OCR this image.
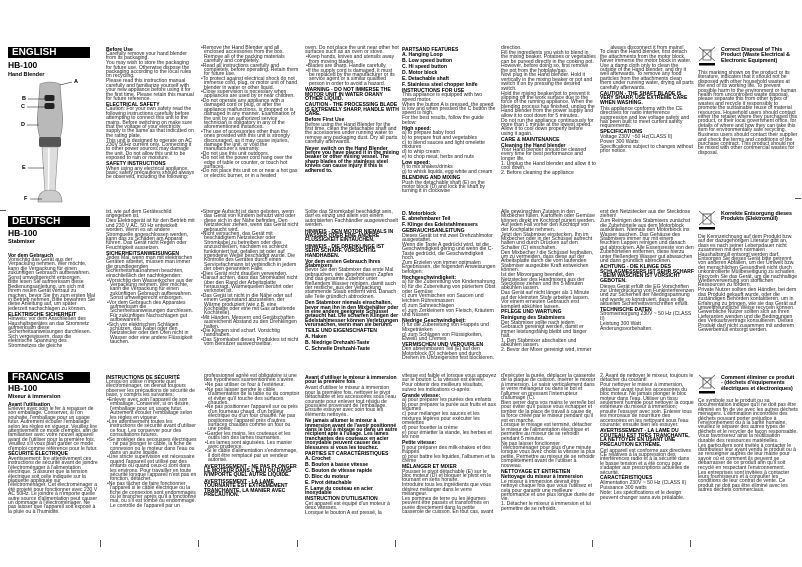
ENGLISH
HB-100
Hand Blender
A
B
C
D
E
F
Before Use
Carefully remove your hand blender from its packaging.
You may wish to store the packaging for future use. Otherwise dispose the packaging according to the local rules on recycling.
Please read this instruction manual carefully and familiarize yourself with your new appliance before using it for the first time. Please retain this manual for future reference.
ELECTRICAL SAFETY
Caution: For your own safety read the following instructions carefully before attempting to connect this unit to the mains. Before switching on make sure that the voltage of your electricity supply is the same as that indicated on the rating plate.
This unit is designed to operate on AC 230V 50Hz current only. Connecting it to other power sources may damage the unit. Do not allow this unit to be exposed to rain or moisture.
SAFETY INSTRUCTIONS
When using any electrical appliance, basic safety precautions should always be observed, including the following:
• Remove the Hand Blender and all enclosed accessories from the box. Remove all of the packing materials carefully and completely.
• Read all instructions carefully and completely, before operating. Retain them for future use.
• To protect against electrical shock do not immerse cord, plug, or motor unit of hand blender in water or other liquid.
• Close supervision is necessary when appliances are used by or near children.
• Do not operate any appliance with a damaged cord or plug, or after the appliance malfunctions, is dropped or is damaged in any manner. Examination of the unit by an authorized service technician is obligatory in any of the aforementioned instances.
• The use of accessories other than the ones provided with this unit is strongly discouraged, as it may cause injuries, damage the unit, or void the manufacturer's warranty.
• Do not use this unit outdoors.
• Do not let the power cord hang over the edge of table or counter, or touch hot surfaces.
• Do not place this unit on or near a hot gas or electric burner, or in a heated
oven. Do not place the unit near other hot surfaces such as an oven or stove.
• Keep hands, knives and utensils away from moving blades.
• Blades are sharp. Handle carefully.
• If the supply cord is damaged, it must be replaced by the manufacturer or its service agent or a similar qualified person in order to avoid a hazard.
WARNING - DO NOT IMMERSE THE MOTOR UNIT IN WATER ORANY OTHER LIQUID.
CAUTION - THE PROCESSING BLADE IS EXTREMELY SHARP, HANDLE WITH CARE.
Before First Use
Before using the Hand Blender for the first time, clean the detachable shaft and the accessories under running water to remove any packaging dust. Dry all parts carefully afterwards.
Never switch on the Hand Blender before you have placed it in the mixing beaker or other mixing vessel. The sharp blades of the stainless steel knives can cause injury if this is adhered to.
PARTSAND FEATURES
A. Hanging Loop
B. Low speed button
C. Hi speed button
D. Motor block
E. Detachable shaft
F. Stainless steel chopper knife
INSTRUCTIONS FOR USE
This appliance is equipped with two speed motor.
When the button A is pressed, the speed is low and when pressed the C button the speed is high.
For the best results, follow the guide below:
High speed:
a) to prepare baby food
b) to prepare fruit and vegetables
c) to blend sauces and light omelette mixtures
d) to whip cream
e) to chop meat, herbs and nuts
Low speed:
f) to mix shakes/drinks
g) to whisk liquids, egg white and cream
BLENDING AND MIXING
Push the detachable shaft (E) on the motor block (D) and lock the shaft by turning it in clockwise
direction.
Fill the ingredients you wish to blend in the mixing beaker. Potatoes or vegetables can be pureed directly in the cooking pot. However, before doing so, first remove the pot from the hotplate/gas.
Now plug in the Hand blender. Hold it vertically in the mixing beaker or pot and switch it on by pressing the desired switch.
Hold the mixing beaker/pot to prevent it slipping off the work surface due to the force of the running appliance. When the blending process has finished, unplug the Hand blender from the power supply and allow it to cool down for 5 minutes.
Do not run the appliance continuously for more than 1 minute at the lowest speed. Allow it to cool down properly before using it again.
CARE & MAINTENANCE
Cleaning the Hand blender
Your Hand blender should be cleaned every time for best performance and longer life.
1. Unplug the Hand blender and allow it to cool down.
2. Before cleaning the appliance
always disconnect it from mains!
To clean the Hand blender, first detach the attachments from the motor block. Never immerse the motor block in water. Use a damp cloth only to clean the outside of the Hand blender, and dry it well afterwards. To remove any food particles from the attachments clean them under running water, drying all parts carefully afterwards.
CAUTION - THE SHAFT BLADE IS VERY SHARP, USE EXTREME CARE WHEN WASHING.
This appliance conforms with the CE directives for radio interference suppression and low voltage safety and has been built to meet current safety requirements.
SPECIFICATIONS
Voltage 230V ~50 Hz(CLASS II)
Power 300 Watts
Specifications subject to changes without prior notice.
Correct Disposal of This Product (Waste Electrical & Electronic Equipment)
This marking shown on the product or its literature, indicates that it should not be disposed with other household wastes at the end of its working life. To prevent possible harm to the environment or human health from uncontrolled waste disposal, please separate this from other types of wastes and recycle it responsibly to promote the sustainable reuse of material resources. Household users should contact either the retailer where they purchased this product, or their local government office, for details of where and how they can take this item for environmentally safe recycling.
Business users should contact their supplier and check the terms and conditions of the purchase contract. This product should not be mixed with other commercial wastes for disposal.
DEUTSCH
HB-100
Stabmixer
Vor dem Gebrauch
Vorsichtig das Gerät aus der Verpackung nehmen. Wer möchte, kann die Verpackung für einen zukünftigen Gebrauch aufbewahren. Sonst umweltgerecht entsorgen.
Bitte lesen Sie aufmerksam diese Bedienungsanleitung, um sich mit Ihrem neuen Gerät vertraut zu machen, bevor Sie ihn zum ersten Mal in Betrieb nehmen. Bitte bewahren Sie diese Anleitung auf, um später jederzeit nachschlagen zu können.
ELEKTRISCHE SICHERHEIT
Hinweis: vor dem Anschließen des Haushaltsgerätes an das Stromnetz aufmerksam diese Sicherheitsanweisungen durchlesen. Sich vergewissern, dass die elektrische Spannung des Stromnetzes die gleiche
ist, wie auf dem Geräteschild angegeben ist.
Dies Elektrogerät ist für den Betrieb mit und 230 V AC, 50 Hz entwickelt worden. Wenn es an andere Stromquelle angeschlossen werden, kann das zu Schäden am Apparat führen. Das Gerät nicht Regen oder Feuchtigkeit aussetzen.
SICHERHEITSANWEISUNGEN
Jedes Mal, wenn man mit elektrischen Geräten arbeitet, müssen man immer die grundlegenden Sicherheitsmaßnahmen beachten, einschließlich der nachfolgenden:
• Vorsichtig den Wasserkocher aus der Verpackung nehmen. Wer möchte, kann die Verpackung für einen zukünftigen Gebrauch aufbewahren. Sonst umweltgerecht entsorgen.
• Vor dem Gebrauch des Apparates aufmerksam die Sicherheitsanweisungen durchlesen. Für zukünftiges Nachschlagen gut aufbewahren.
• Sich vor elektrischen Schlägen schützen, das Kabel oder den Netzstecker oder den Ofen nicht in Wasser oder eine andere Flüssigkeit tauchen.
• Strenge Aufsicht ist dann geboten, wenn das Gerät von Kindern benutzt wird oder diese sich in der Nähe befinden. Den Netzstecker ziehen, wenn das Gerät nicht gebraucht wird.
• Nicht versuchen, das Gerät mit beschädigtem Netzstecker oder Stromkabel zu betreiben oder dies anzuschließen, nachdem es schlecht funktioniert hat, gefallen ist oder auf irgendeine Weise beschädigt wurde. Die Kontrolle des Gerätes durch einen Servicefachmann ist verbindlich in jedem der oben genannten Fälle.
• Dies Gerät nicht draußen verwenden.
• Darauf achten, dass das Stromkabel nicht über den Rand der Arbeitsplatte herausragt, Wärmequellen berührt oder verknotet ist.
• Das Gerät ist nicht in die Nähe oder auf einem Gegenstand abzustellen, der Wärme produziert (wie z.B. eine Kochplatte oder eine mit Gas arbeitende Kochstelle).
• Mit Händen, Messern und Gerätschaften ausreichend Abstand zu den Drehklingen halten.
• Die Klingen sind scharf. Vorsichtig handhaben.
• Das Stromkabel dieses Produktes ist nicht vom Benutzer auswechselbar.
Sollte das Stromkabel beschädigt sein, darf es einzig und allein von einem autorisierten Fachhändler ausgewechselt werden.
HINWEIS - DEN MOTOR NIEMALS IN WASSER ODER EINE ANDERE FLÜSSIGKEIT EINTAUCHEN.
HINWEIS - DIE DREHKLINGE IST SEHR SCHARF. VORSICHTIG HANDHABEN.
Vor dem ersten Gebrauch Ihres Stabmixers
Bevor Sie den Stabmixer das erste Mal gebrauchen, den abnehmbaren Zapfen und das gesamte Zubehör unter fließendem Wasser reinigen, damit auch der restliche, aus der Verpackung stammende Staub entfernt wird. Danach alle Teile gründlich abtrocknen.
Den Stabmixer niemals einschalten, bevor man ihn in den Mixbehälter oder in eine andere geeignete Schüssel getaucht hat. Die scharfen Klingen der Edelstahlmesser können Verletzungen verursachen, wenn man sie berührt.
TEILE UND EIGENSCHAFTEN
A. Haken
B. Niedrige Drehzahl-Taste
C. Schnelle Drehzahl-Taste
D. Motorblock
E. abnehmbarer Teil
F. Klinge des Edelstahlmessers
GEBRAUCHSANLEITUNG
Dieses Gerät ist mit zwei Drehzahlmotor ausgestattet.
Wenn die Taste A gedrückt wird, ist die Geschwindigkeit gering und wenn die C-Taste gedrückt, die Geschwindigkeit hoch.
Zum Erzielen von immer optimalen Ergebnissen, die folgenden Anweisungen befolgen:
Hochgeschwindigkeit:
a) für die Zubereitung von Kindernahrung
b) für die Zubereitung von püriertem Obst oder Gemüse
c) zum Vermischen von Saucen und leichten Rühreimassen
d) zum Sahneschlagen
e) zum Zerkleinern von Fleisch, Kräutern und Nüssen
Niedrige Geschwindigkeit:
f) für die Zubereitung von Frappés und Mixgetränken
g) zum Schlagen von Flüssigkeiten, Eiweiß und Cremes
VERMISCHEN UND VERQUIRLEN
Den abnehmbaren Teil (E) auf den Motorblock (D) schieben und durch Drehen im Uhrzeigersinn fest blockieren.
Alle gewünschten Zutaten in den Mixbecher füllen. Kartoffeln oder Gemüse können direkt im Kochtopf püriert werden. Auf jeden Fall vorher den Kochtopf von der Kochplatte nehmen.
Jetzt den Stabmixer einstecken. Ihn im Mixbecher oder in der Schüssel aufrecht halten und durch Drücken auf den Schalter (C) einschalten.
Den Mixbecher / die Schüssel festhalten, um zu vermeiden, dass diese auf der Arbeitsplatte durch die vom laufenden Stabmixer ausgeübte Kraft entweichen können.
Ist der Mixvorgang beendet, den Netzstecker des Handmixers aus der Steckdose ziehen und ihn 5 Minuten abkühlen lassen.
Das Gerät auf nicht länger als 1 Minute auf der kleinsten Stufe arbeiten lassen. Vor einem erneuten Gebrauch erst komplett abkühlen lassen.
PFLEGE UND WARTUNG
Reinigung des Stabmixers
Der Stabmixer sollte nach jedem Gebrauch gereinigt werden, damit er immer leistungsfähig bleibt und länger hält.
1. Den Stabmixer abschalten und abkühlen lassen.
2. Bevor der Mixer gereinigt wird, immer
erst den Netzstecker aus der Steckdose ziehen!
Zum Reinigen des Stabmixers zunächst die Zubehörteile aus dem Motorblock ausklinken. Niemals den Motorblock ins Wasser tauchen. Das Gehäuse des Stabmixers immer nur mit einem feuchten Lappen reinigen und danach gut abtrocknen. Alle Essensreste von den Zubehörteilen entfernen, diese hierzu unter fließendem Wasser gut abwaschen und dann gründlich abtrocknen.
ACHTUNG - DIE KLINGE DES SCHLAGMESSERS IST SEHR SCHARF - BEIM WASCHEN IST VORSICHT GEBOTEN.
Dieses Gerät erfüllt die EG Vorschriften zur Unterdrückung von Funkinterferenzen und zur Sicherheit der Niedrigspannung und wurde so konstruiert, dass es die aktuellen Sicherheitsvorschriften erfüllt.
TECHNISCHE DATEN
Stromversorgung 230V ~ 50 Hz (CLASS II)
Leistung 300 Watt
Änderungsvorbehalten.
Korrekte Entsorgung dieses Produkts (Elektromüll)
Die Kennzeichnung auf dem Produkt bzw. auf der dazugehörigen Literatur gibt an, dass es nach seiner Lebensdauer nicht zusammen mit dem normalen Haushaltsmüll entsorgt werden darf. Entsorgen Sie dieses Gerät bitte getrennt von anderen Abfällen, um der Umwelt bzw. der menschlichen Gesundheit nicht durch unkontrollierte Müllbeseitigung zu schaden. Recyceln Sie das Gerät, um die nachhaltige Wiederverwertung von stofflichen Ressourcen zu fördern.
Private Nutzer sollten den Händler, bei dem das Produkt gekauft wurde, oder die zuständigen Behörden kontaktieren, um in Erfahrung zu bringen, wie sie das Gerät auf umweltfreundliche Weise recyceln können. Gewerbliche Nutzer sollten sich an Ihren Lieferanten wenden und die Bedingungen des Verkaufsvertrags konsultieren. Dieses Produkt darf nicht zusammen mit anderem Gewerbemüll entsorgt werden.
FRANCAIS
HB-100
Mixeur à immersion
Avant l'utilisation
Enlever avec soin le fer à repasser de son emballage. Conserver, si l'on souhaite, l'emballage pour un usage futur. Autrement écouler l'emballage selon les règles en vigueur. Veuillez lire attentivement ce mode d'emploi, afin de familiariser avec votre nouvel appareil avant de l'utiliser pour la première fois. Veuillez s'il vous plaît garder ce mode d'emploi comme référence pour le futur.
SÉCURITÉ ÉLECTRIQUE
Avertissement: lire attentivement ces instructions de sécurité avant de joindre l'électroménager à l'alimentation électrique. S'assurer que la tension électrique soit celle indiquée sur la plaquette appliquée sur l'électroménager. Cet électroménager a été projeté pour fonctionner avec 230 V AC 50Hz. Le joindre à n'importe quelle autre source d'alimentation peut causer un dommage à l'électroménager. Ne pas laisser que l'appareil soit exposé à la pluie ou à l'humidité.
INSTRUCTIONS DE SÉCURITÉ
Lorsqu'on utilise n'importe quel électroménager, on devrait toujours observer les précautions de sécurité de base, y compris les suivantes:
• Enlever avec soin l'appareil de son emballage. Conserver, si on désire, l'emballage pour un usage futur. Autrement écouler l'emballage selon les règles en vigueur.
• Lire attentivement toutes les instructions de sécurité avant d'utiliser ce four. Les conserver pour des consultations futures.
• Se protéger des secousses électriques : ne pas plonger le câble, la fiche de connexion ou le moteur dans l'eau ou dans un autre liquide.
• Une stricte supervision est nécessaire quand l'appareil est utilisé par des enfants ou quand ceux-ci sont dans les environs. Pour travailler en toute sécurité lorsque l'appareil n'est pas en fonction, détacher.
• Ne pas tâcher de faire fonctionner l'appareil si le câble électrique ou la fiche de connexion sont endommagés ou le brancher après qu'il a fonctionné mal, ou s'il est tombé ou endommagé. Le contrôle de l'appareil par un
professionnel agréé est obligatoire si une des hypothèses susmentionnée s'avère.
• Ne pas utiliser ce four à l'extérieur.
• Ne pas laisser pendre le câble d'alimentation de la table ou du comptoir et éviter qu'il touche des surfaces chaudes.
• Ne pas positionner l'appareil sur ou près d'un fourneau chaud, d'un brûleur électrique ou d'un four chauffé. Ne pas positionner l'appareil près d'autres surfaces chaudes comme un four ou une poêle.
• Garder les mains, les couteaux et les outils loin des lames tournantes.
• Les lames sont aiguisées. Les manier avec prudence.
• Si le câble d'alimentation s'endommage, il doit être remplacé par un vendeur autorisé.
AVERTISSEMENT - NE PAS PLONGER LE MOTEUR DANS L'EAU OU DANS N'IMPORTE QUEL AUTRE LIQUIDE.
AVERTISSEMENT - LA LAME TOURNANTE EST EXTRÊMEMENT TRANCHANTE, LA MANIER AVEC PRÉCAUTION.
Avant d'utiliser le mixeur à immersion pour la première fois
Avant d'utiliser le mixeur à immersion pour la première fois, nettoyer le pivot détachable et les accessoires sous l'eau courante pour enlever tout résidu de poussière provenant de l'emballage. Ensuite essuyer avec soin tous les éléments nettoyés.
Ne jamais allumer le mixeur à immersion avant de l'avoir positionné dans le bol à mixage ou dans un autre récipient apte à l'usage. Les lames tranchantes des couteaux en acier inoxydable peuvent causer des blessures si vous les touchez.
PARTIES ET CARACTÉRISTIQUES
A. Crochet
B. Bouton à basse vitesse
C. Bouton de vitesse rapide
D. Bloc du moteur
E. Pivot détachable
F. Lame du couteau en acier inoxydable
INSTRUCTION D'UTILISATION
Cet appareil est équipé d'un moteur à deux vitesses.
Lorsque le bouton A est pressé, la
vitesse est faible et lorsque vous appuyez sur le bouton C la vitesse est élevée.
Pour obtenir des meilleurs résultats, suivez les indications ci-après:
Grande vitesse:
a) pour préparer les purées des enfants
b) pour préparer la purée aux fruits et aux légumes
c) pour mélanger les sauces et les mixtures légères pour exécuter les omelettes
d) pour fouetter la crème
e) pour émietter la viande, les herbes et les noix
Petite vitesse:
f) pour préparer des milk-shakes et des frappés
g) pour battre les liquides, l'albumen et la crème
MÉLANGER ET MIXER
Pousser le pivot détachable (E) sur le bloc moteur (D) et bloquer le pivot en le tournant en sens horaire.
Introduire tous les ingrédients que vous désirez mélanger dans le verre mélangeur.
Les pommes de terre ou les légumes peuvent être passés et transformés en purée directement dans la petite casserole de cuisson. En tout cas, avant
d'exécuter la purée, déplacer la casserole de la plaque de cuisson. Insérer le mixeur à immersion. Le saisir verticalement dans le verre mélangeur ou dans le bol et l'allumer en pressant l'interrupteur d'allumage (C).
Bien serrer dans vos mains le verre/le bol pour éviter qu'il puisse vous échapper et tomber de la place de travail à cause de la force créée par le mixeur pendant qu'il est en marche.
Lorsque le mixage est terminé, détacher le mixeur de l'alimentation électrique et permettre au mixeur de se refroidir pendant 5 minutes.
Ne pas laisser fonctionner l'électroménager pour plus d'une minute lorsque vous avez choisi la vitesse la plus petite. Permettre au mixeur de se refroidir complètement avant de l'utiliser à nouveau.
NETTOYAGE ET ENTRETIEN
Nettoyage du mixeur à immersion
Le mixeur à immersion devrait être nettoyé chaque fois que vous l'utilisez et cela pour garantir une meilleure performance et une plus longue durée de vie.
1. Détacher le mixeur à immersion et lui permettre de se refroidir.
2. Avant de nettoyer le mixeur, toujours le détacher du courant!
Pour nettoyer le mixeur à immersion, détacher avant tout les accessoires du bloc moteur. Ne jamais plonger le bloc moteur dans l'eau. Utiliser un tissu seulement humide pour nettoyer la coque extérieure du mixeur à immersion; ensuite l'essuyer avec soin. Enlever tous les morceaux de nourriture des accessoires en les nettoyant sous l'eau courante; ensuite bien les essuyer.
AVERTISSEMENT - LA LAME DU COUTEAU EST TRÈS TRANCHANTE, LA NETTOYER EN USANT UNE PRÉCAUTION EXTRÊME.
Cet appareil est conforme aux directives CE relatives à la suppression des interférences radio et à la sécurité dans le basse tension et a été conçu pour s'adapter aux prescriptions actuelles de sécurité.
CARACTÉRISTIQUES
Alimentation 230V ~ 50 Hz (CLASS II)
Puissance 300 watts
Note: Les spécifications et le design
peuvent changer sans avis préalable.
Comment éliminer ce produit - (déchets d'équipements électriques et électroniques)
Ce symbole sur le produit ou sa documentation indique qu'il ne doit pas être éliminé en fin de vie avec les autres déchets ménagers. L'élimination incontrôlée des déchets pouvant porter préjudice à l'environnement ou à la santé humaine, veuillez le séparer des autres types de déchets et le recycler de façon responsable. Vous favoriserez ainsi la réutilisation durable des ressources matérielles.
Les particuliers sont invités à contacter le distributeur leur ayant vendu le produit ou à se renseigner auprès de leur mairie pour savoir où et comment ils peuvent se débarrasser de ce produit afin qu'il soit recyclé en respectant l'environnement.
Les entreprises sont invitées à contacter leurs fournisseurs et à consulter les conditions de leur contrat de vente. Ce produit ne doit pas être éliminé avec les autres déchets commerciaux.
